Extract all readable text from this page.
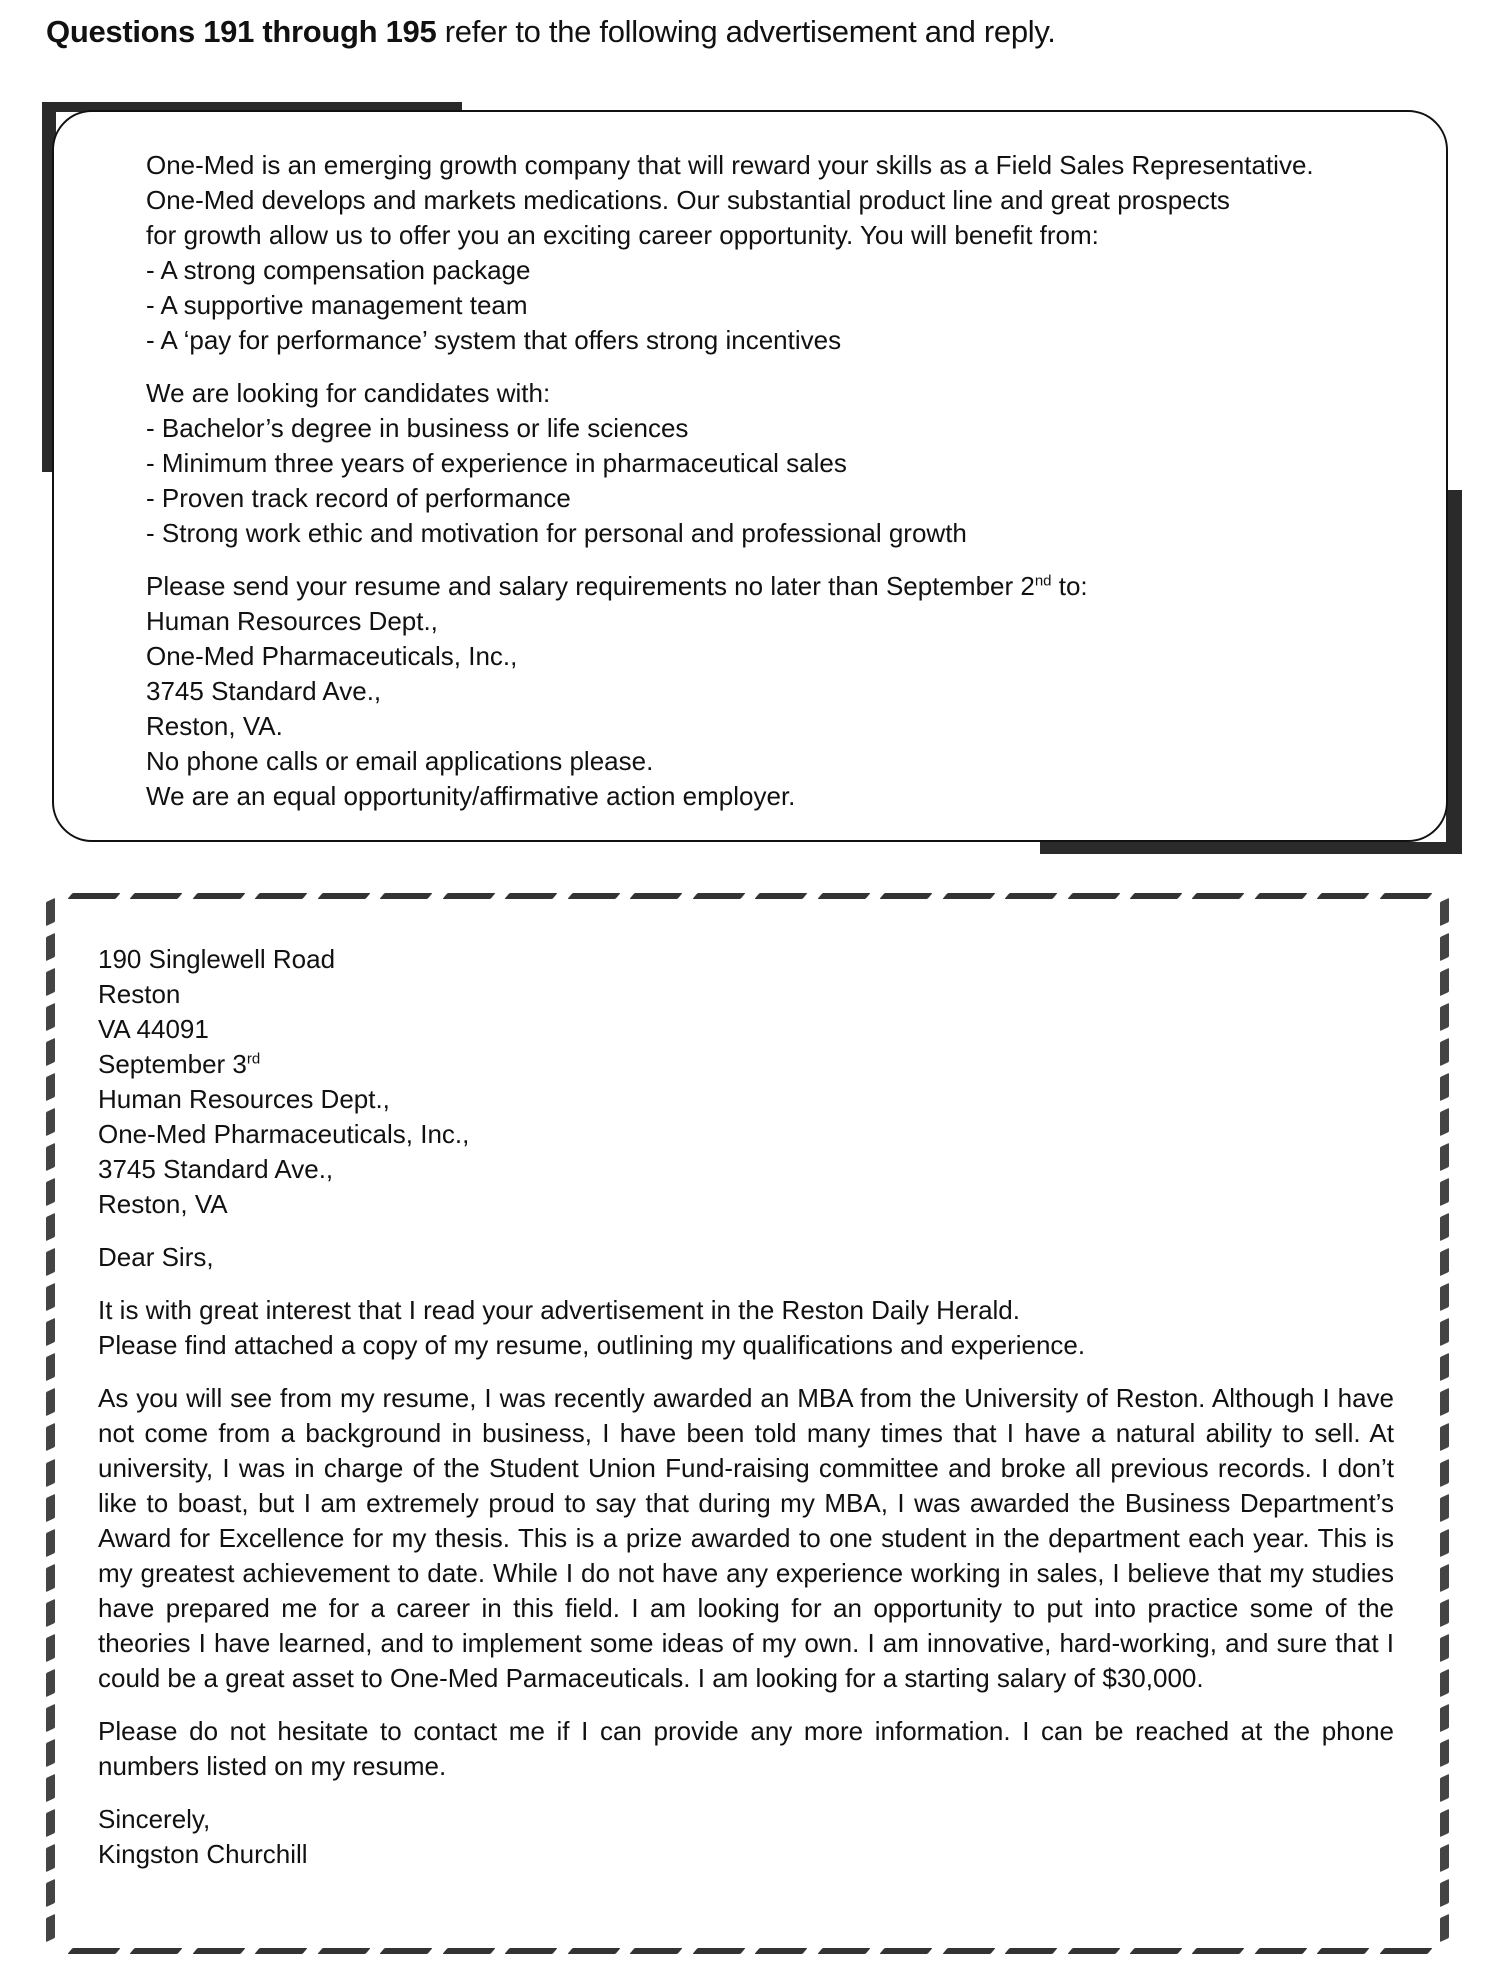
Questions 191 through 195 refer to the following advertisement and reply.

One-Med is an emerging growth company that will reward your skills as a Field Sales Representative.
One-Med develops and markets medications. Our substantial product line and great prospects
for growth allow us to offer you an exciting career opportunity. You will benefit from:
- A strong compensation package
- A supportive management team
- A ‘pay for performance’ system that offers strong incentives

We are looking for candidates with:
- Bachelor’s degree in business or life sciences
- Minimum three years of experience in pharmaceutical sales
- Proven track record of performance
- Strong work ethic and motivation for personal and professional growth

Please send your resume and salary requirements no later than September 2nd to:
Human Resources Dept.,
One-Med Pharmaceuticals, Inc.,
3745 Standard Ave.,
Reston, VA.
No phone calls or email applications please.
We are an equal opportunity/affirmative action employer.

190 Singlewell Road
Reston
VA 44091
September 3rd
Human Resources Dept.,
One-Med Pharmaceuticals, Inc.,
3745 Standard Ave.,
Reston, VA

Dear Sirs,

It is with great interest that I read your advertisement in the Reston Daily Herald.
Please find attached a copy of my resume, outlining my qualifications and experience.

As you will see from my resume, I was recently awarded an MBA from the University of Reston. Although I have not come from a background in business, I have been told many times that I have a natural ability to sell. At university, I was in charge of the Student Union Fund-raising committee and broke all previous records. I don’t like to boast, but I am extremely proud to say that during my MBA, I was awarded the Business Department’s Award for Excellence for my thesis. This is a prize awarded to one student in the department each year. This is my greatest achievement to date. While I do not have any experience working in sales, I believe that my studies have prepared me for a career in this field. I am looking for an opportunity to put into practice some of the theories I have learned, and to implement some ideas of my own. I am innovative, hard-working, and sure that I could be a great asset to One-Med Parmaceuticals. I am looking for a starting salary of $30,000.

Please do not hesitate to contact me if I can provide any more information. I can be reached at the phone numbers listed on my resume.

Sincerely,
Kingston Churchill
